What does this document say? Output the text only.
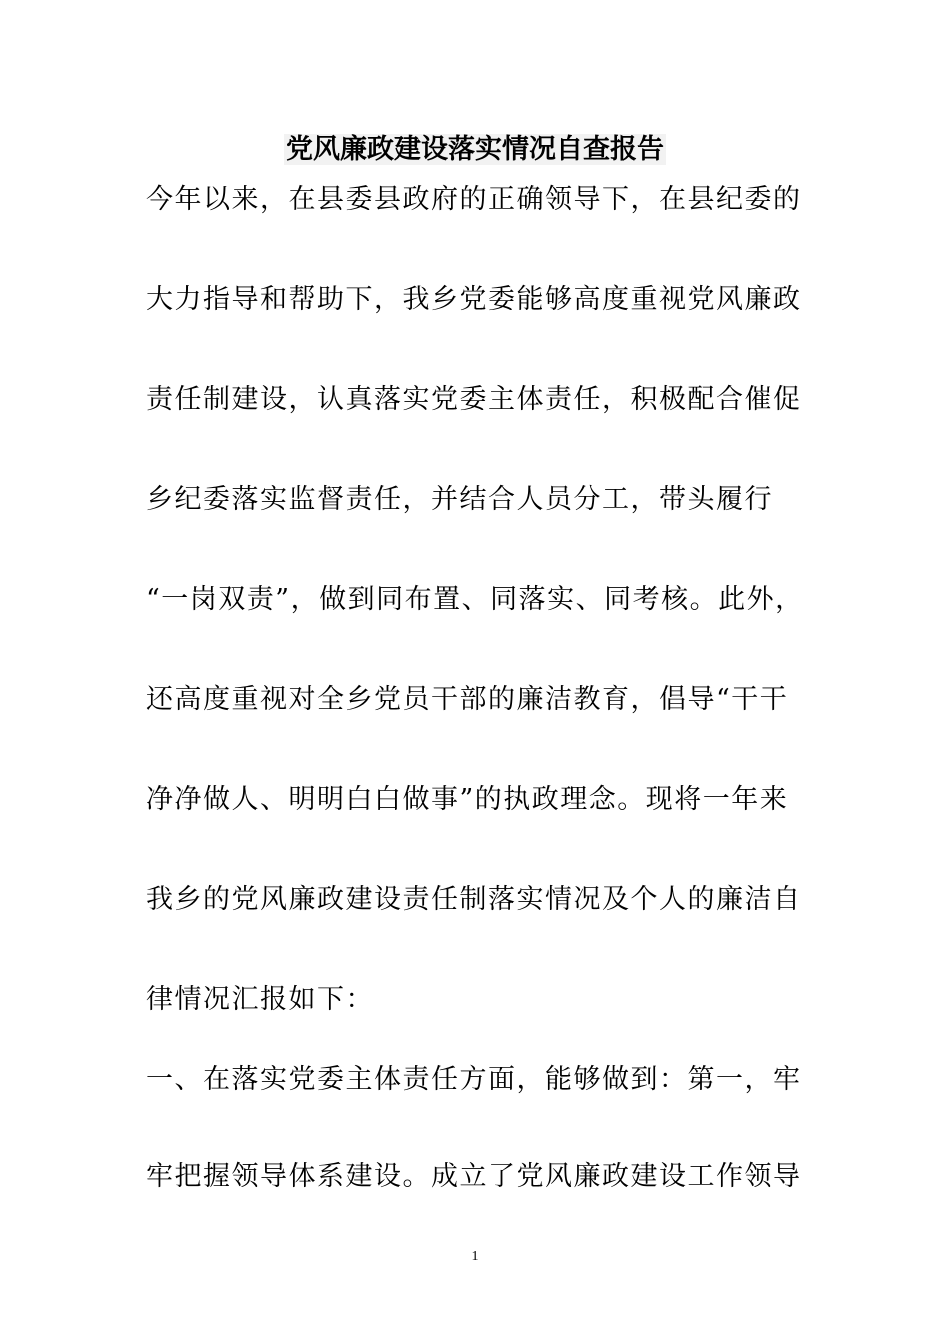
党风廉政建设落实情况自查报告
今年以来，在县委县政府的正确领导下，在县纪委的
大力指导和帮助下，我乡党委能够高度重视党风廉政
责任制建设，认真落实党委主体责任，积极配合催促
乡纪委落实监督责任，并结合人员分工，带头履行
“一岗双责”，做到同布置、同落实、同考核。此外，
还高度重视对全乡党员干部的廉洁教育，倡导“干干
净净做人、明明白白做事”的执政理念。现将一年来
我乡的党风廉政建设责任制落实情况及个人的廉洁自
律情况汇报如下：
一、在落实党委主体责任方面，能够做到：第一，牢
牢把握领导体系建设。成立了党风廉政建设工作领导
1
